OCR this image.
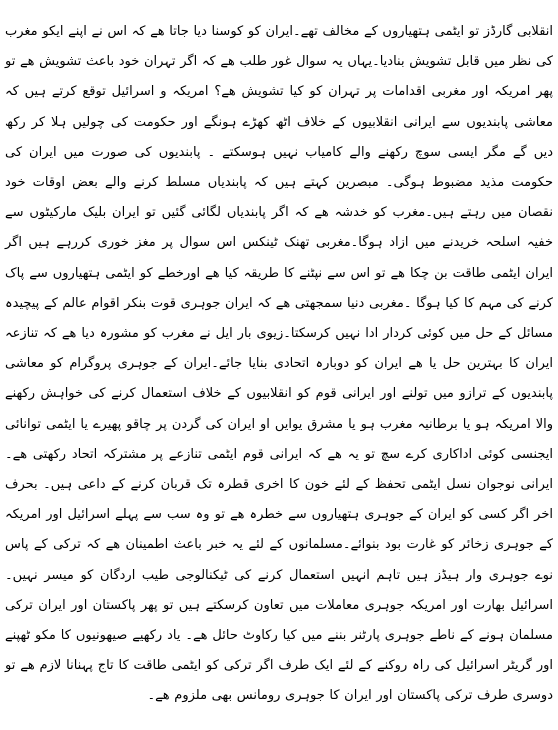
انقلابی گارڈز تو ایٹمی ہتھیاروں کے مخالف تھے۔ایران کو کوسنا دیا جاتا ھے کہ اس نے اپنے ایکو مغرب کی نظر میں قابل تشویش بنادیا۔یہاں یہ سوال غور طلب ھے کہ اگر تہران خود باعث تشویش ھے تو پھر امریکہ اور مغربی اقدامات پر تہران کو کیا تشویش ھے؟ امریکہ و اسرائیل توقع کرتے ہیں کہ معاشی پابندیوں سے ایرانی انقلابیوں کے خلاف اٹھ کھڑے ہونگے اور حکومت کی چولیں ہلا کر رکھ دیں گے مگر ایسی سوچ رکھنے والے کامیاب نہیں ہوسکتے ۔ پابندیوں کی صورت میں ایران کی حکومت مذید مضبوط ہوگی۔ مبصرین کہتے ہیں کہ پابندیاں مسلط کرنے والے بعض اوقات خود نقصان میں رہتے ہیں۔مغرب کو خدشہ ھے کہ اگر پابندیاں لگائی گئیں تو ایران بلیک مارکیٹوں سے خفیہ اسلحہ خریدنے میں ازاد ہوگا۔مغربی تھنک ٹینکس اس سوال پر مغز خوری کررہے ہیں اگر ایران ایٹمی طاقت بن چکا ھے تو اس سے نپٹنے کا طریقہ کیا ھے اورخطے کو ایٹمی ہتھیاروں سے پاک کرنے کی مہم کا کیا ہوگا ۔مغربی دنیا سمجھتی ھے کہ ایران جوہری قوت بنکر اقوام عالم کے پیچیدہ مسائل کے حل میں کوئی کردار ادا نہیں کرسکتا۔زیوی بار ایل نے مغرب کو مشورہ دیا ھے کہ تنازعہ ایران کا بہترین حل یا ھے ایران کو دوبارہ اتحادی بنایا جائے۔ایران کے جوہری پروگرام کو معاشی پابندیوں کے ترازو میں تولنے اور ایرانی قوم کو انقلابیوں کے خلاف استعمال کرنے کی خواہش رکھنے والا امریکہ ہو یا برطانیہ مغرب ہو یا مشرق یوایں او ایران کی گردن پر چاقو پھیرے یا ایٹمی توانائی ایجنسی کوئی اداکاری کرے سچ تو یہ ھے کہ ایرانی قوم ایٹمی تنازعے پر مشترکہ اتحاد رکھتی ھے۔ ایرانی نوجوان نسل ایٹمی تحفظ کے لئے خون کا اخری قطرہ تک قربان کرنے کے داعی ہیں۔ بحرف اخر اگر کسی کو ایران کے جوہری ہتھیاروں سے خطرہ ھے تو وہ سب سے پہلے اسرائیل اور امریکہ کے جوہری زخائر کو غارت بود بنوائے۔مسلمانوں کے لئے یہ خبر باعث اطمینان ھے کہ ترکی کے پاس نوے جوہری وار ہیڈز ہیں تاہم انہیں استعمال کرنے کی ٹیکنالوجی طیب اردگان کو میسر نہیں۔اسرائیل بھارت اور امریکہ جوہری معاملات میں تعاون کرسکتے ہیں تو پھر پاکستان اور ایران ترکی مسلمان ہونے کے ناطے جوہری پارٹنر بننے میں کیا رکاوٹ حائل ھے۔ یاد رکھیے صیھونیوں کا مکو ٹھپنے اور گریٹر اسرائیل کی راہ روکنے کے لئے ایک طرف اگر ترکی کو ایٹمی طاقت کا تاج پہنانا لازم ھے تو دوسری طرف ترکی پاکستان اور ایران کا جوہری رومانس بھی ملزوم ھے۔
